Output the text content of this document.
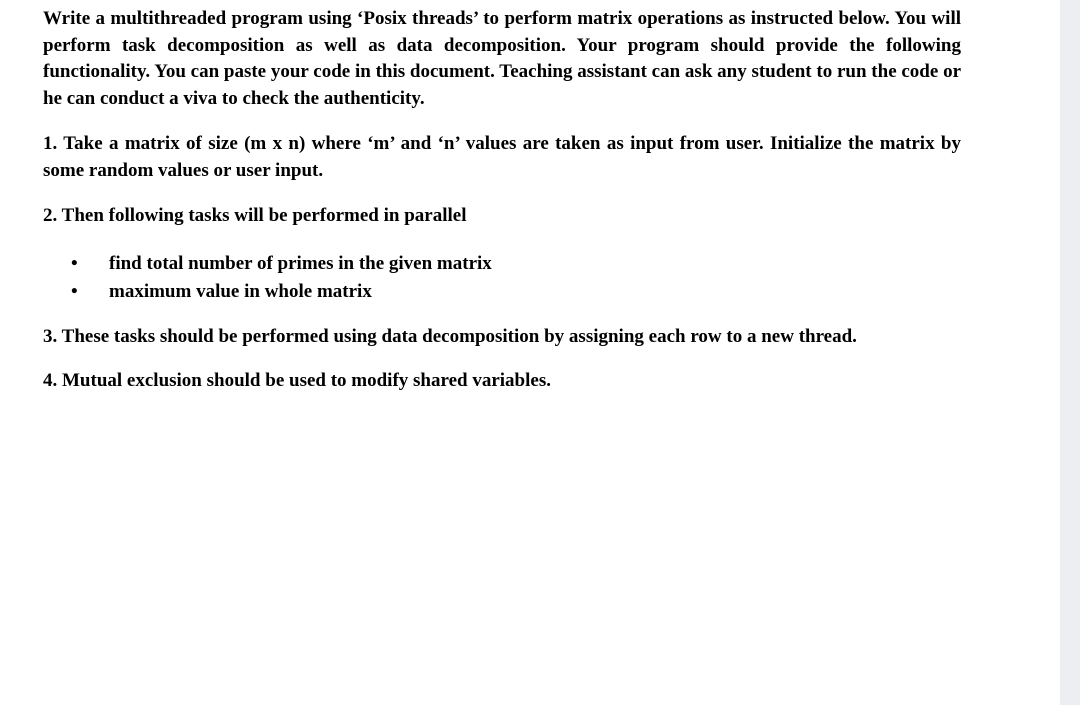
Write a multithreaded program using ‘Posix threads’ to perform matrix operations as instructed below. You will perform task decomposition as well as data decomposition. Your program should provide the following functionality. You can paste your code in this document. Teaching assistant can ask any student to run the code or he can conduct a viva to check the authenticity.

1. Take a matrix of size (m x n) where ‘m’ and ‘n’ values are taken as input from user. Initialize the matrix by some random values or user input.

2. Then following tasks will be performed in parallel

• find total number of primes in the given matrix
• maximum value in whole matrix

3. These tasks should be performed using data decomposition by assigning each row to a new thread.

4. Mutual exclusion should be used to modify shared variables.
